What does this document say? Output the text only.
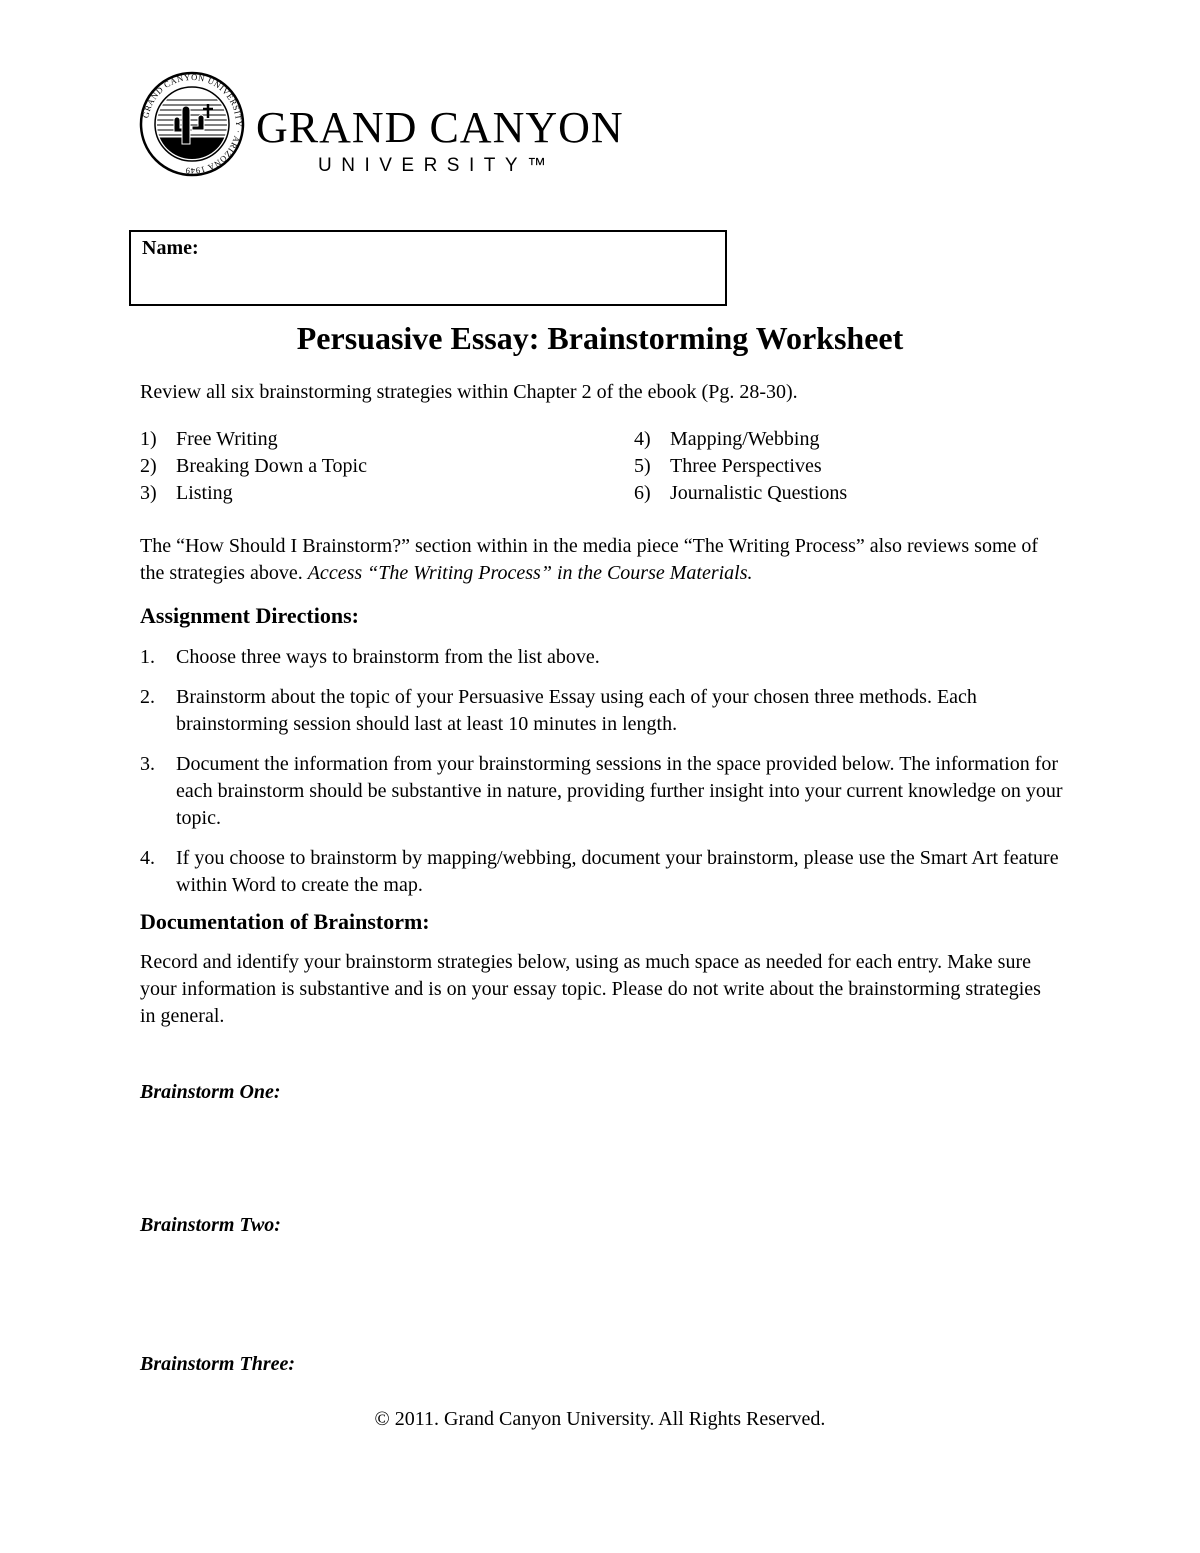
GRAND CANYON UNIVERSITY · ARIZONA 1949
GRAND CANYON
UNIVERSITY™
Name:
Persuasive Essay: Brainstorming Worksheet
Review all six brainstorming strategies within Chapter 2 of the ebook (Pg. 28-30).
1) Free Writing
2) Breaking Down a Topic
3) Listing
4) Mapping/Webbing
5) Three Perspectives
6) Journalistic Questions
The “How Should I Brainstorm?” section within in the media piece “The Writing Process” also reviews some of the strategies above. Access “The Writing Process” in the Course Materials.
Assignment Directions:
1.	Choose three ways to brainstorm from the list above.
2.	Brainstorm about the topic of your Persuasive Essay using each of your chosen three methods. Each brainstorming session should last at least 10 minutes in length.
3.	Document the information from your brainstorming sessions in the space provided below. The information for each brainstorm should be substantive in nature, providing further insight into your current knowledge on your topic.
4.	If you choose to brainstorm by mapping/webbing, document your brainstorm, please use the Smart Art feature within Word to create the map.
Documentation of Brainstorm:
Record and identify your brainstorm strategies below, using as much space as needed for each entry. Make sure your information is substantive and is on your essay topic. Please do not write about the brainstorming strategies in general.
Brainstorm One:
Brainstorm Two:
Brainstorm Three:
© 2011. Grand Canyon University. All Rights Reserved.
